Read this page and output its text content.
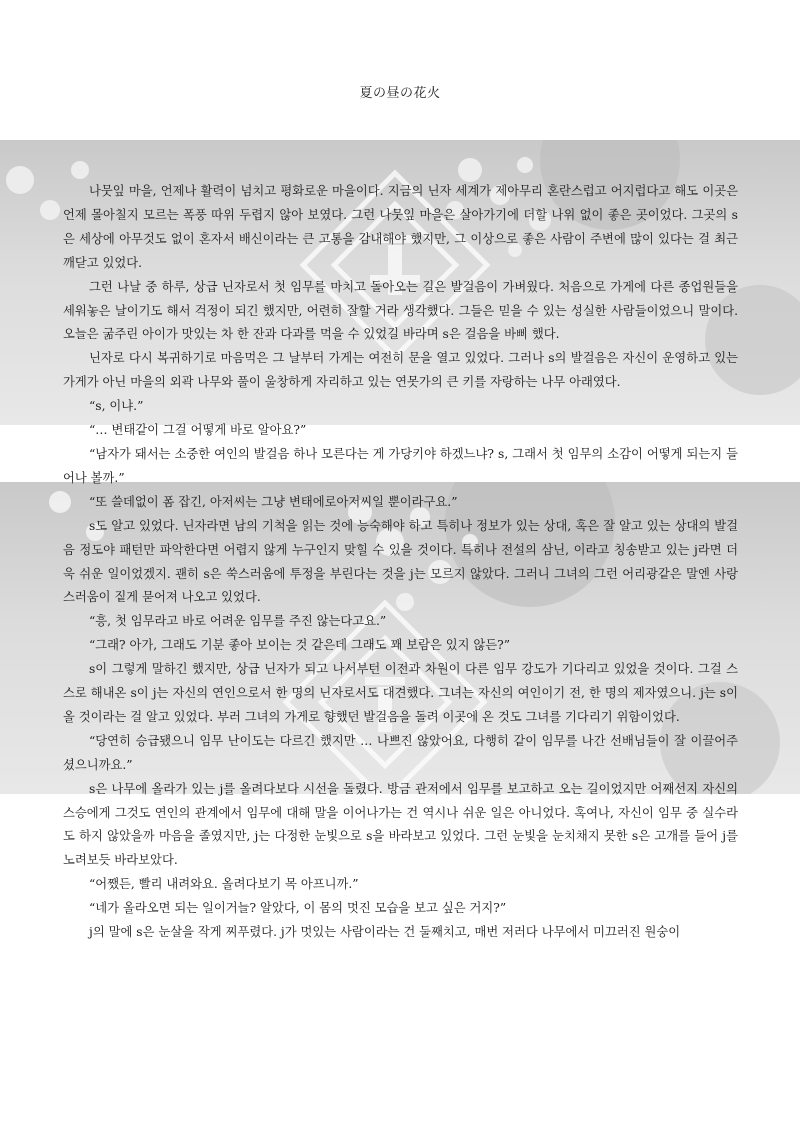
夏の昼の花火

나뭇잎 마을, 언제나 활력이 넘치고 평화로운 마을이다. 지금의 닌자 세계가 제아무리 혼란스럽고 어지럽다고 해도 이곳은 언제 몰아칠지 모르는 폭풍 따위 두렵지 않아 보였다. 그런 나뭇잎 마을은 살아가기에 더할 나위 없이 좋은 곳이었다. 그곳의 s은 세상에 아무것도 없이 혼자서 배신이라는 큰 고통을 감내해야 했지만, 그 이상으로 좋은 사람이 주변에 많이 있다는 걸 최근 깨닫고 있었다.

그런 나날 중 하루, 상급 닌자로서 첫 임무를 마치고 돌아오는 길은 발걸음이 가벼웠다. 처음으로 가게에 다른 종업원들을 세워놓은 날이기도 해서 걱정이 되긴 했지만, 어련히 잘할 거라 생각했다. 그들은 믿을 수 있는 성실한 사람들이었으니 말이다. 오늘은 굶주린 아이가 맛있는 차 한 잔과 다과를 먹을 수 있었길 바라며 s은 걸음을 바삐 했다.

닌자로 다시 복귀하기로 마음먹은 그 날부터 가게는 여전히 문을 열고 있었다. 그러나 s의 발걸음은 자신이 운영하고 있는 가게가 아닌 마을의 외곽 나무와 풀이 울창하게 자리하고 있는 연못가의 큰 키를 자랑하는 나무 아래였다.

“s, 이냐.”

“… 변태같이 그걸 어떻게 바로 알아요?”

“남자가 돼서는 소중한 여인의 발걸음 하나 모른다는 게 가당키야 하겠느냐? s, 그래서 첫 임무의 소감이 어떻게 되는지 들어나 볼까.”

“또 쓸데없이 폼 잡긴, 아저씨는 그냥 변태에로아저씨일 뿐이라구요.”

s도 알고 있었다. 닌자라면 남의 기척을 읽는 것에 능숙해야 하고 특히나 정보가 있는 상대, 혹은 잘 알고 있는 상대의 발걸음 정도야 패턴만 파악한다면 어렵지 않게 누구인지 맞힐 수 있을 것이다. 특히나 전설의 삼닌, 이라고 칭송받고 있는 j라면 더욱 쉬운 일이었겠지. 괜히 s은 쑥스러움에 투정을 부린다는 것을 j는 모르지 않았다. 그러니 그녀의 그런 어리광같은 말엔 사랑스러움이 짙게 묻어져 나오고 있었다.

“흥, 첫 임무라고 바로 어려운 임무를 주진 않는다고요.”

“그래? 아가, 그래도 기분 좋아 보이는 것 같은데 그래도 꽤 보람은 있지 않든?”

s이 그렇게 말하긴 했지만, 상급 닌자가 되고 나서부턴 이전과 차원이 다른 임무 강도가 기다리고 있었을 것이다. 그걸 스스로 해내온 s이 j는 자신의 연인으로서 한 명의 닌자로서도 대견했다. 그녀는 자신의 여인이기 전, 한 명의 제자였으니. j는 s이 올 것이라는 걸 알고 있었다. 부러 그녀의 가게로 향했던 발걸음을 돌려 이곳에 온 것도 그녀를 기다리기 위함이었다.

“당연히 승급됐으니 임무 난이도는 다르긴 했지만 … 나쁘진 않았어요, 다행히 같이 임무를 나간 선배님들이 잘 이끌어주셨으니까요.”

s은 나무에 올라가 있는 j를 올려다보다 시선을 돌렸다. 방금 관저에서 임무를 보고하고 오는 길이었지만 어째선지 자신의 스승에게 그것도 연인의 관계에서 임무에 대해 말을 이어나가는 건 역시나 쉬운 일은 아니었다. 혹여나, 자신이 임무 중 실수라도 하지 않았을까 마음을 졸였지만, j는 다정한 눈빛으로 s을 바라보고 있었다. 그런 눈빛을 눈치채지 못한 s은 고개를 들어 j를 노려보듯 바라보았다.

“어쨌든, 빨리 내려와요. 올려다보기 목 아프니까.”

“네가 올라오면 되는 일이거늘? 알았다, 이 몸의 멋진 모습을 보고 싶은 거지?”

j의 말에 s은 눈살을 작게 찌푸렸다. j가 멋있는 사람이라는 건 둘째치고, 매번 저러다 나무에서 미끄러진 원숭이
